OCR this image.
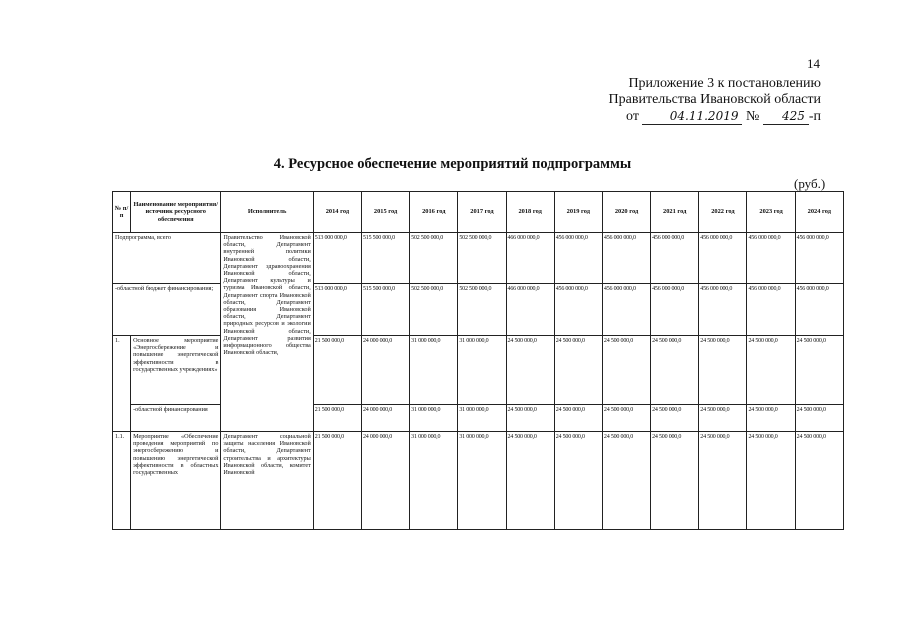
14
Приложение 3 к постановлению
Правительства Ивановской области
от	04.11.2019 № 425 -п
4. Ресурсное обеспечение мероприятий подпрограммы
(руб.)
№ п/п	Наименование мероприятия/источник ресурсного обеспечения	Исполнитель	2014 год	2015 год	2016 год	2017 год	2018 год	2019 год	2020 год	2021 год	2022 год	2023 год	2024 год
Подпрограмма, всего		Правительство Ивановской области, Департамент внутренней политики Ивановской области, Департамент здравоохранения Ивановской области, Департамент культуры и туризма Ивановской области, Департамент спорта Ивановской области, Департамент образования Ивановской области, Департамент природных ресурсов и экологии Ивановской области, Департамент развития информационного общества Ивановской области,	513 000 000,0	515 500 000,0	502 500 000,0	502 500 000,0	466 000 000,0	456 000 000,0	456 000 000,0	456 000 000,0	456 000 000,0	456 000 000,0	456 000 000,0
-областной бюджет финансирования;			513 000 000,0	515 500 000,0	502 500 000,0	502 500 000,0	466 000 000,0	456 000 000,0	456 000 000,0	456 000 000,0	456 000 000,0	456 000 000,0	456 000 000,0
1.	Основное мероприятие «Энергосбережение и повышение энергетической эффективности в государственных учреждениях»		21 500 000,0	24 000 000,0	31 000 000,0	31 000 000,0	24 500 000,0	24 500 000,0	24 500 000,0	24 500 000,0	24 500 000,0	24 500 000,0	24 500 000,0
	-областной финансирования		21 500 000,0	24 000 000,0	31 000 000,0	31 000 000,0	24 500 000,0	24 500 000,0	24 500 000,0	24 500 000,0	24 500 000,0	24 500 000,0	24 500 000,0
1.1.	Мероприятие «Обеспечение проведения мероприятий по энергосбережению и повышению энергетической эффективности в областных государственных	Департамент социальной защиты населения Ивановской области, Департамент строительства и архитектуры Ивановской области, комитет Ивановской	21 500 000,0	24 000 000,0	31 000 000,0	31 000 000,0	24 500 000,0	24 500 000,0	24 500 000,0	24 500 000,0	24 500 000,0	24 500 000,0	24 500 000,0
